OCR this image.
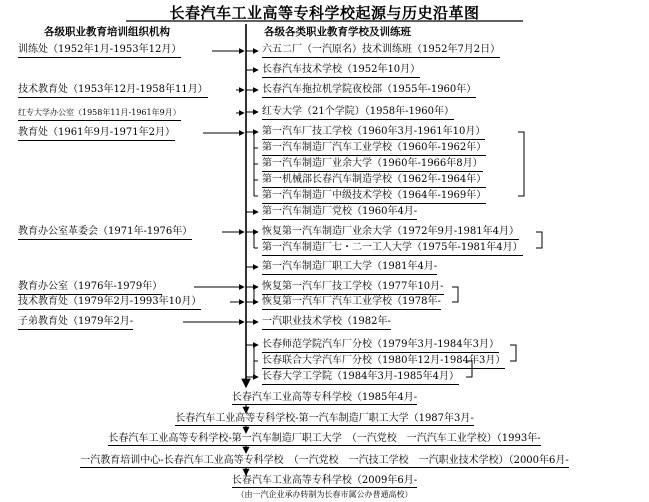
长春汽车工业高等专科学校起源与历史沿革图
各级职业教育培训组织机构	各级各类职业教育学校及训练班
训练处（1952年1月-1953年12月）
技术教育处（1953年12月-1958年11月）
红专大学办公室（1958年11月-1961年9月）
教育处（1961年9月-1971年2月）
教育办公室革委会（1971年-1976年）
教育办公室（1976年-1979年）
技术教育处（1979年2月-1993年10月）
子弟教育处（1979年2月-
六五二厂（一汽原名）技术训练班（1952年7月2日）
长春汽车技术学校（1952年10月）
长春汽车拖拉机学院夜校部（1955年-1960年）
红专大学（21个学院）（1958年-1960年）
第一汽车厂技工学校（1960年3月-1961年10月）
第一汽车制造厂汽车工业学校（1960年-1962年）
第一汽车制造厂业余大学（1960年-1966年8月）
第一机械部长春汽车制造学校（1962年-1964年）
第一汽车制造厂中级技术学校（1964年-1969年）
第一汽车制造厂党校（1960年4月-
恢复第一汽车制造厂业余大学（1972年9月-1981年4月）
第一汽车制造厂七・二一工人大学（1975年-1981年4月）
第一汽车制造厂职工大学（1981年4月-
恢复第一汽车厂技工学校（1977年10月-
恢复第一汽车厂汽车工业学校（1978年-
一汽职业技术学校（1982年-
长春师范学院汽车厂分校（1979年3月-1984年3月）
长春联合大学汽车厂分校（1980年12月-1984年3月）
长春大学工学院（1984年3月-1985年4月）
长春汽车工业高等专科学校（1985年4月-
长春汽车工业高等专科学校-第一汽车制造厂职工大学（1987年3月-
长春汽车工业高等专科学校-第一汽车制造厂职工大学　（一汽党校　一汽汽车工业学校）（1993年-
一汽教育培训中心-长春汽车工业高等专科学校　（一汽党校　一汽技工学校　一汽职业技术学校）（2000年6月-
长春汽车工业高等专科学校（2009年6月-
（由一汽企业承办转制为长春市属公办普通高校）
